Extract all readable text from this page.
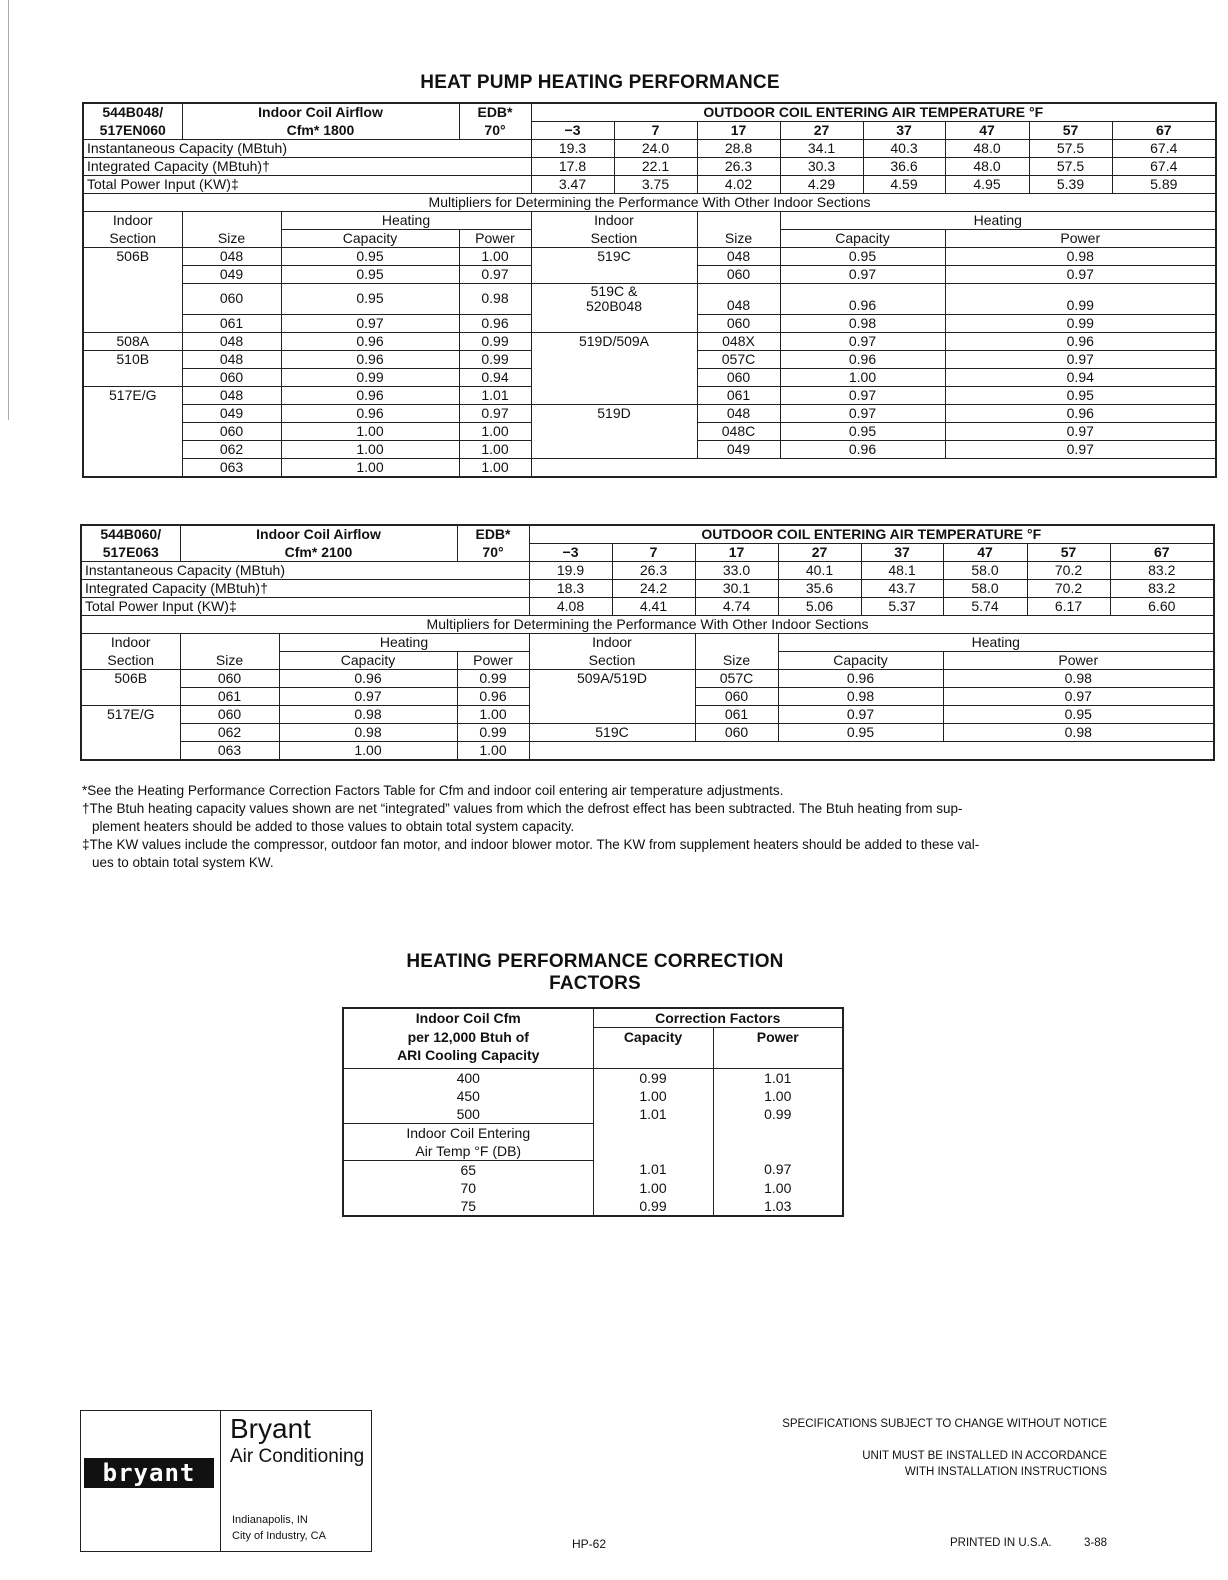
HEAT PUMP HEATING PERFORMANCE
544B048/	Indoor Coil Airflow		EDB*	OUTDOOR COIL ENTERING AIR TEMPERATURE °F							
517EN060	Cfm* 1800		70°	−3	7	17	27	37	47	57	67
Instantaneous Capacity (MBtuh)				19.3	24.0	28.8	34.1	40.3	48.0	57.5	67.4
Integrated Capacity (MBtuh)†				17.8	22.1	26.3	30.3	36.6	48.0	57.5	67.4
Total Power Input (KW)‡				3.47	3.75	4.02	4.29	4.59	4.95	5.39	5.89
Multipliers for Determining the Performance With Other Indoor Sections											
Indoor		Heating		Indoor			Heating				
Section	Size	Capacity	Power	Section		Size	Capacity		Power		
506B	048	0.95	1.00	519C		048	0.95		0.98		
	049	0.95	0.97			060	0.97		0.97		
	060	0.95	0.98	519C &
520B048		048	0.96		0.99		
	061	0.97	0.96			060	0.98		0.99		
508A	048	0.96	0.99	519D/509A		048X	0.97		0.96		
510B	048	0.96	0.99			057C	0.96		0.97		
	060	0.99	0.94			060	1.00		0.94		
517E/G	048	0.96	1.01			061	0.97		0.95		
	049	0.96	0.97	519D		048	0.97		0.96		
	060	1.00	1.00			048C	0.95		0.97		
	062	1.00	1.00			049	0.96		0.97		
	063	1.00	1.00								
544B060/	Indoor Coil Airflow		EDB*	OUTDOOR COIL ENTERING AIR TEMPERATURE °F							
517E063	Cfm* 2100		70°	−3	7	17	27	37	47	57	67
Instantaneous Capacity (MBtuh)				19.9	26.3	33.0	40.1	48.1	58.0	70.2	83.2
Integrated Capacity (MBtuh)†				18.3	24.2	30.1	35.6	43.7	58.0	70.2	83.2
Total Power Input (KW)‡				4.08	4.41	4.74	5.06	5.37	5.74	6.17	6.60
Multipliers for Determining the Performance With Other Indoor Sections											
Indoor		Heating		Indoor			Heating				
Section	Size	Capacity	Power	Section		Size	Capacity		Power		
506B	060	0.96	0.99	509A/519D		057C	0.96		0.98		
	061	0.97	0.96			060	0.98		0.97		
517E/G	060	0.98	1.00			061	0.97		0.95		
	062	0.98	0.99	519C		060	0.95		0.98		
	063	1.00	1.00								

*See the Heating Performance Correction Factors Table for Cfm and indoor coil entering air temperature adjustments.

†The Btuh heating capacity values shown are net “integrated” values from which the defrost effect has been subtracted. The Btuh heating from sup-

plement heaters should be added to those values to obtain total system capacity.

‡The KW values include the compressor, outdoor fan motor, and indoor blower motor. The KW from supplement heaters should be added to these val-

ues to obtain total system KW.

HEATING PERFORMANCE CORRECTION
FACTORS
Indoor Coil Cfm	Correction Factors	
per 12,000 Btuh of	Capacity	Power
ARI Cooling Capacity		

400	0.99	1.01
450	1.00	1.00
500	1.01	0.99
Indoor Coil Entering		
Air Temp °F (DB)		
65	1.01	0.97
70	1.00	1.00
75	0.99	1.03
bryant
Bryant
Air Conditioning
Indianapolis, IN
City of Industry, CA
SPECIFICATIONS SUBJECT TO CHANGE WITHOUT NOTICE
UNIT MUST BE INSTALLED IN ACCORDANCE
WITH INSTALLATION INSTRUCTIONS
HP-62	PRINTED IN U.S.A.	3-88
